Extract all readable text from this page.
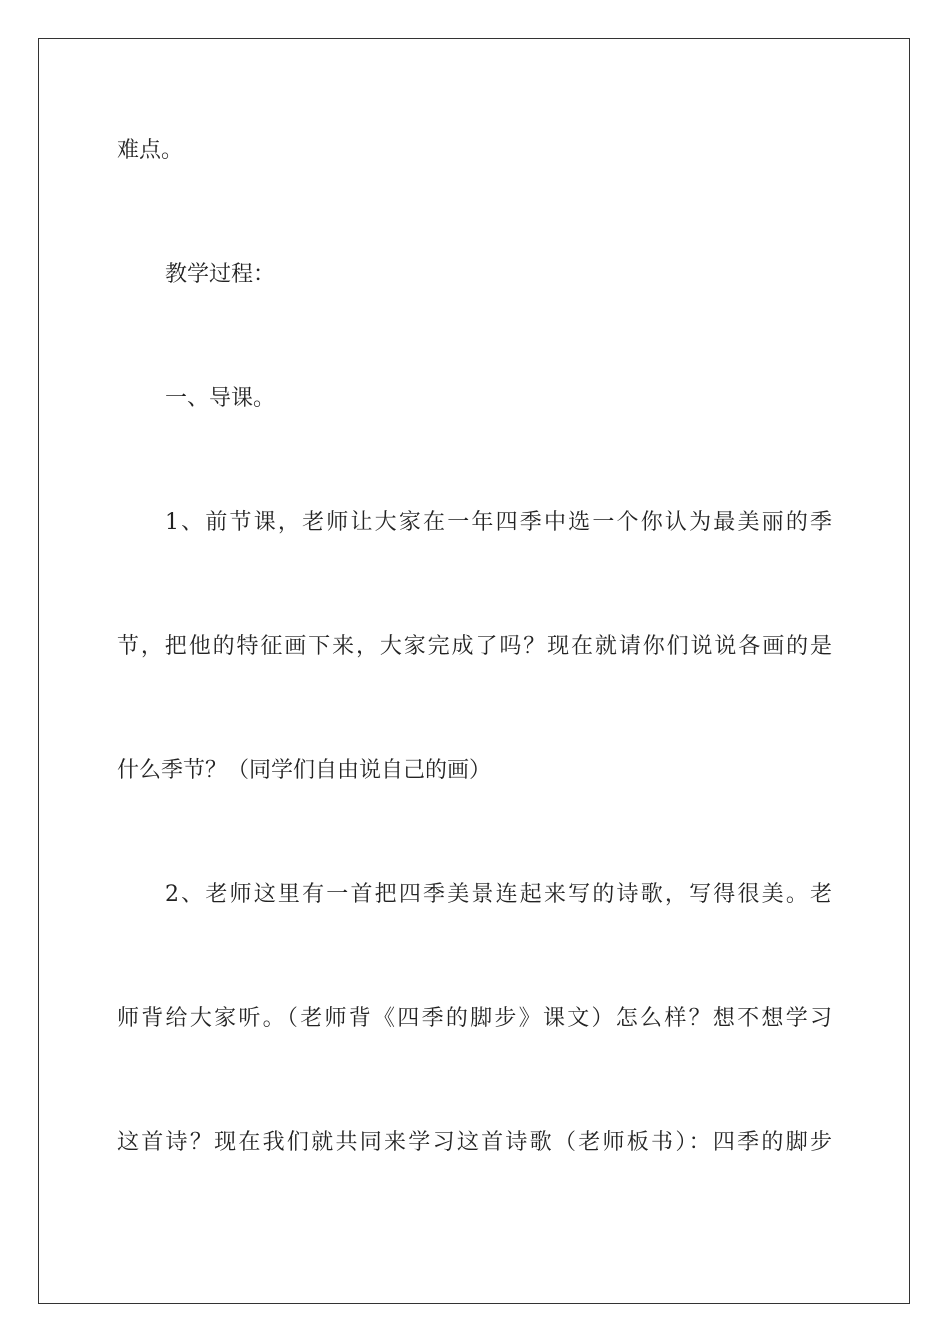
难点。
教学过程：
一、导课。
1、前节课，老师让大家在一年四季中选一个你认为最美丽的季
节，把他的特征画下来，大家完成了吗？现在就请你们说说各画的是
什么季节？（同学们自由说自己的画）
2、老师这里有一首把四季美景连起来写的诗歌，写得很美。老
师背给大家听。（老师背《四季的脚步》课文）怎么样？想不想学习
这首诗？现在我们就共同来学习这首诗歌（老师板书）：四季的脚步
